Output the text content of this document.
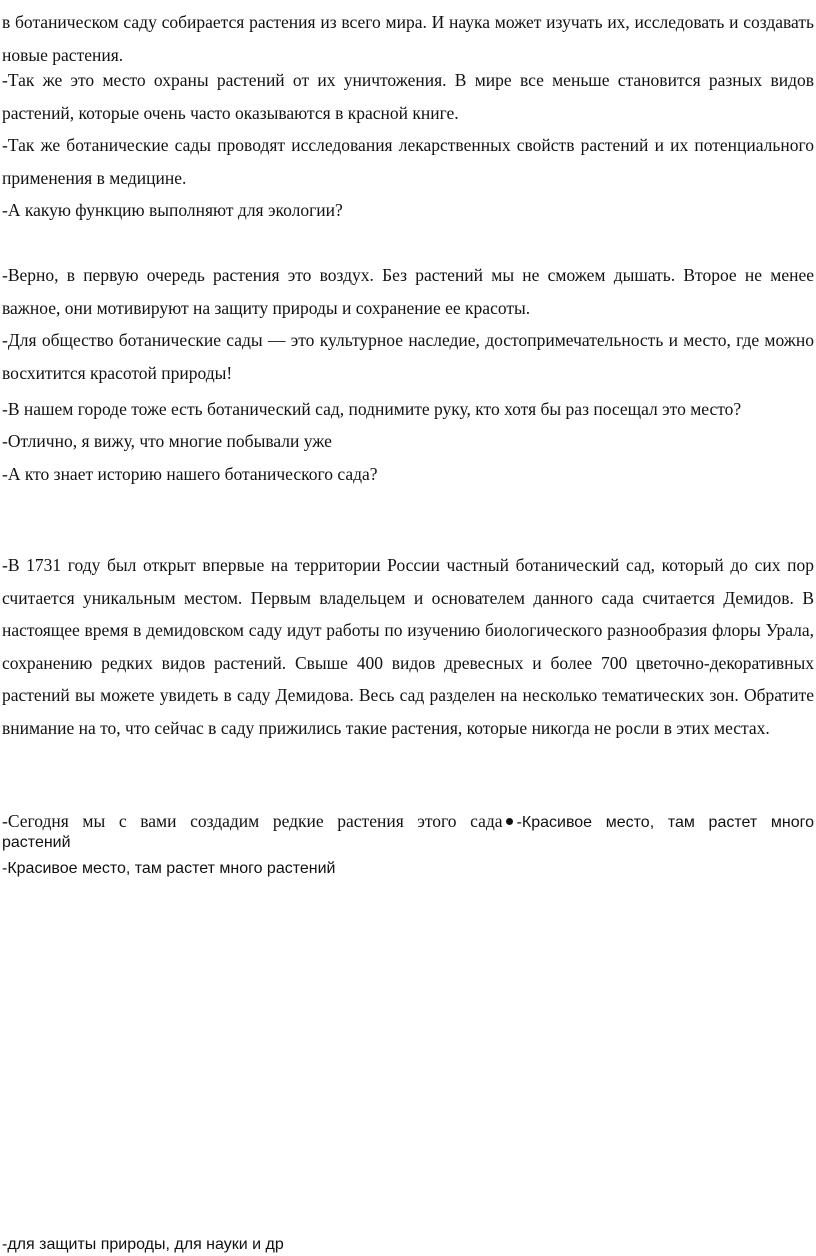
в ботаническом саду собирается растения из всего мира. И наука может изучать их, исследовать и создавать новые растения.

-Так же это место охраны растений от их уничтожения. В мире все меньше становится разных видов растений, которые очень часто оказываются в красной книге.

-Так же ботанические сады проводят исследования лекарственных свойств растений и их потенциального применения в медицине.

-А какую функцию выполняют для экологии?

-Верно, в первую очередь растения это воздух. Без растений мы не сможем дышать. Второе не менее важное, они мотивируют на защиту природы и сохранение ее красоты.

-Для общество ботанические сады — это культурное наследие, достопримечательность и место, где можно восхитится красотой природы!

-В нашем городе тоже есть ботанический сад, поднимите руку, кто хотя бы раз посещал это место?

-Отлично, я вижу, что многие побывали уже

-А кто знает историю нашего ботанического сада?

-В 1731 году был открыт впервые на территории России частный ботанический сад, который до сих пор считается уникальным местом. Первым владельцем и основателем данного сада считается Демидов. В настоящее время в демидовском саду идут работы по изучению биологического разнообразия флоры Урала, сохранению редких видов растений. Свыше 400 видов древесных и более 700 цветочно-декоративных растений вы можете увидеть в саду Демидова. Весь сад разделен на несколько тематических зон. Обратите внимание на то, что сейчас в саду прижились такие растения, которые никогда не росли в этих местах.

-Сегодня мы с вами создадим редкие растения этого сада -Красивое место, там растет много
растений

-Красивое место, там растет много растений

-для защиты природы, для науки и др
